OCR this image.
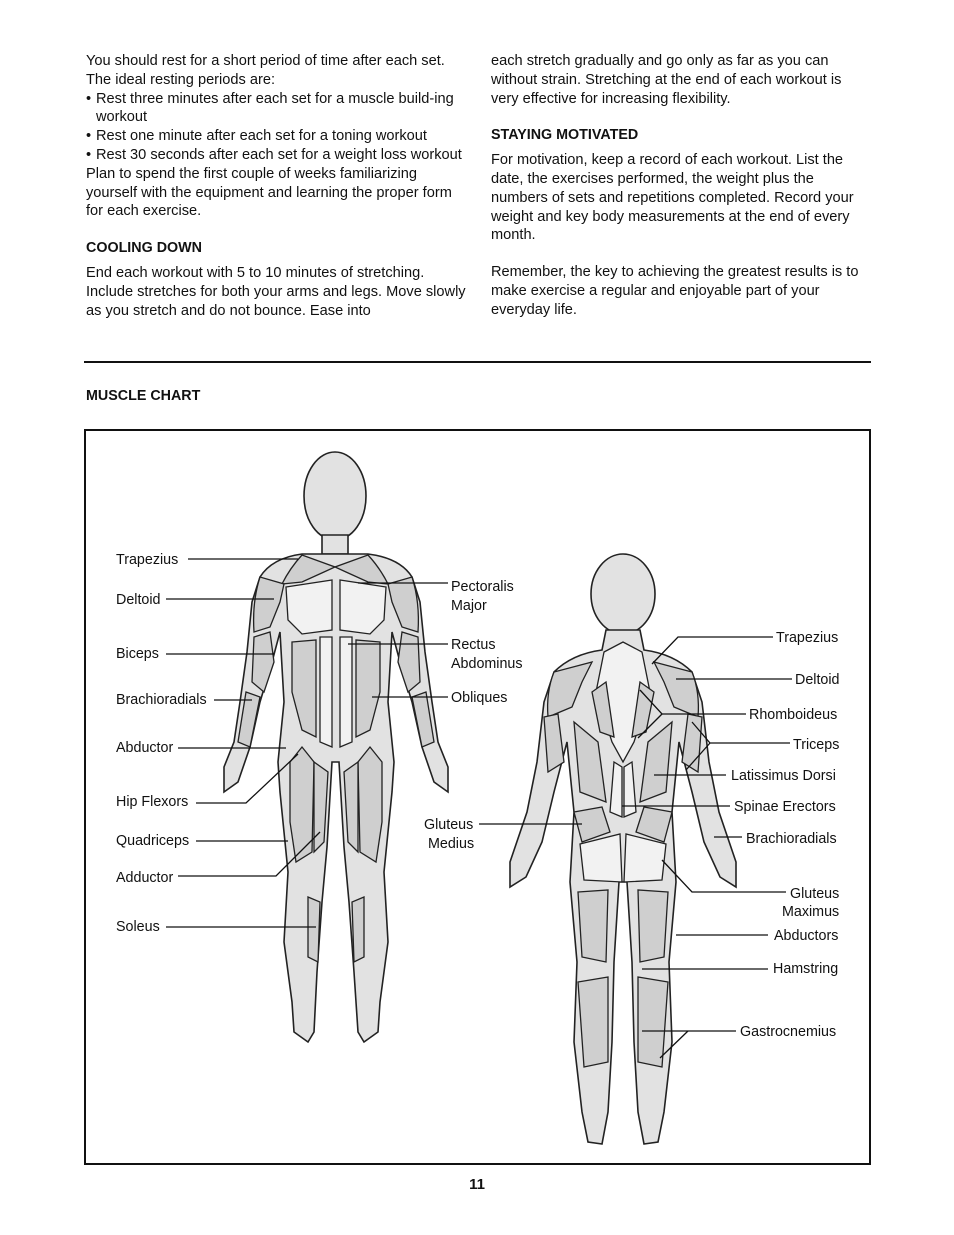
You should rest for a short period of time after each set. The ideal resting periods are:

• Rest three minutes after each set for a muscle build-ing workout
• Rest one minute after each set for a toning workout
• Rest 30 seconds after each set for a weight loss workout

Plan to spend the first couple of weeks familiarizing yourself with the equipment and learning the proper form for each exercise.

COOLING DOWN

End each workout with 5 to 10 minutes of stretching. Include stretches for both your arms and legs. Move slowly as you stretch and do not bounce. Ease into

each stretch gradually and go only as far as you can without strain. Stretching at the end of each workout is very effective for increasing flexibility.

STAYING MOTIVATED

For motivation, keep a record of each workout. List the date, the exercises performed, the weight plus the numbers of sets and repetitions completed. Record your weight and key body measurements at the end of every month.

Remember, the key to achieving the greatest results is to make exercise a regular and enjoyable part of your everyday life.

MUSCLE CHART
Trapezius
Deltoid
Biceps
Brachioradials
Abductor
Hip Flexors
Quadriceps
Adductor
Soleus
Pectoralis
Major
Rectus
Abdominus
Obliques
Gluteus
Medius
Trapezius
Deltoid
Rhomboideus
Triceps
Latissimus Dorsi
Spinae Erectors
Brachioradials
Gluteus
Maximus
Abductors
Hamstring
Gastrocnemius
11
